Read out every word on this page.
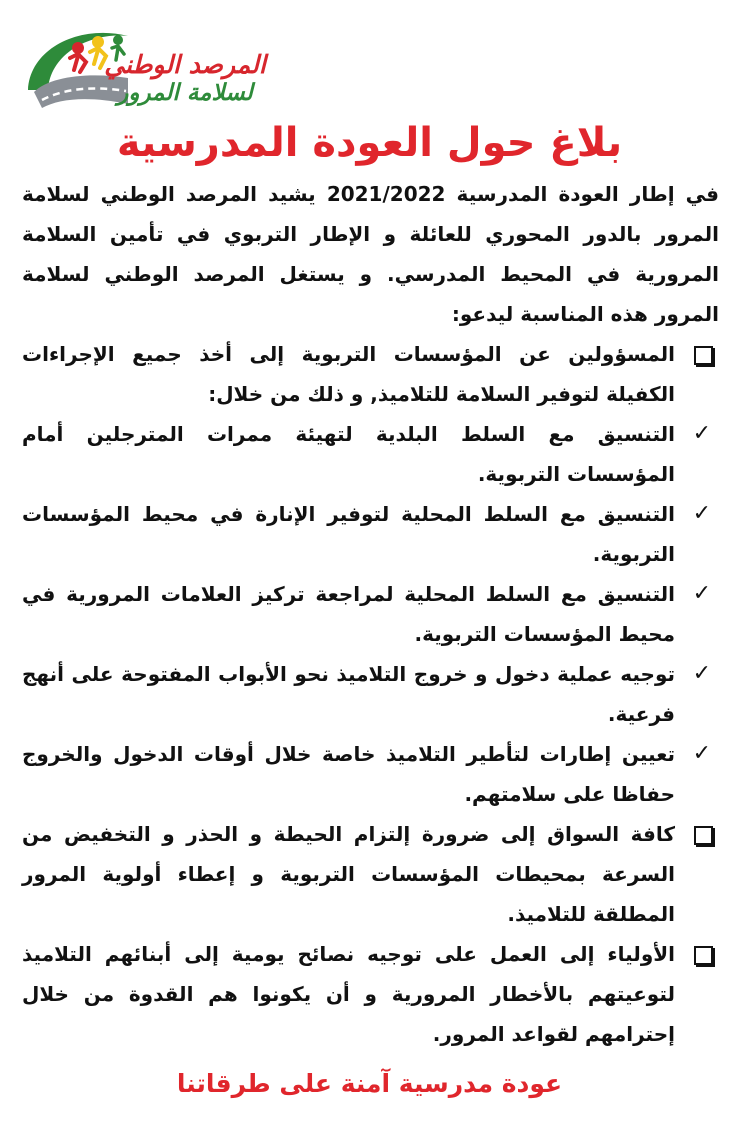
المرصد الوطني
لسلامة المرور
بلاغ حول العودة المدرسية

في إطار العودة المدرسية 2021/2022 يشيد المرصد الوطني لسلامة المرور بالدور المحوري للعائلة و الإطار التربوي في تأمين السلامة المرورية في المحيط المدرسي. و يستغل المرصد الوطني لسلامة المرور هذه المناسبة ليدعو:

المسؤولين عن المؤسسات التربوية إلى أخذ جميع الإجراءات الكفيلة لتوفير السلامة للتلاميذ, و ذلك من خلال:
✓
التنسيق مع السلط البلدية لتهيئة ممرات المترجلين أمام المؤسسات التربوية.
✓
التنسيق مع السلط المحلية لتوفير الإنارة في محيط المؤسسات التربوية.
✓
التنسيق مع السلط المحلية لمراجعة تركيز العلامات المرورية في محيط المؤسسات التربوية.
✓
توجيه عملية دخول و خروج التلاميذ نحو الأبواب المفتوحة على أنهج فرعية.
✓
تعيين إطارات لتأطير التلاميذ خاصة خلال أوقات الدخول والخروج حفاظا على سلامتهم.
كافة السواق إلى ضرورة إلتزام الحيطة و الحذر و التخفيض من السرعة بمحيطات المؤسسات التربوية و إعطاء أولوية المرور المطلقة للتلاميذ.
الأولياء إلى العمل على توجيه نصائح يومية إلى أبنائهم التلاميذ لتوعيتهم بالأخطار المرورية و أن يكونوا هم القدوة من خلال إحترامهم لقواعد المرور.
عودة مدرسية آمنة على طرقاتنا
